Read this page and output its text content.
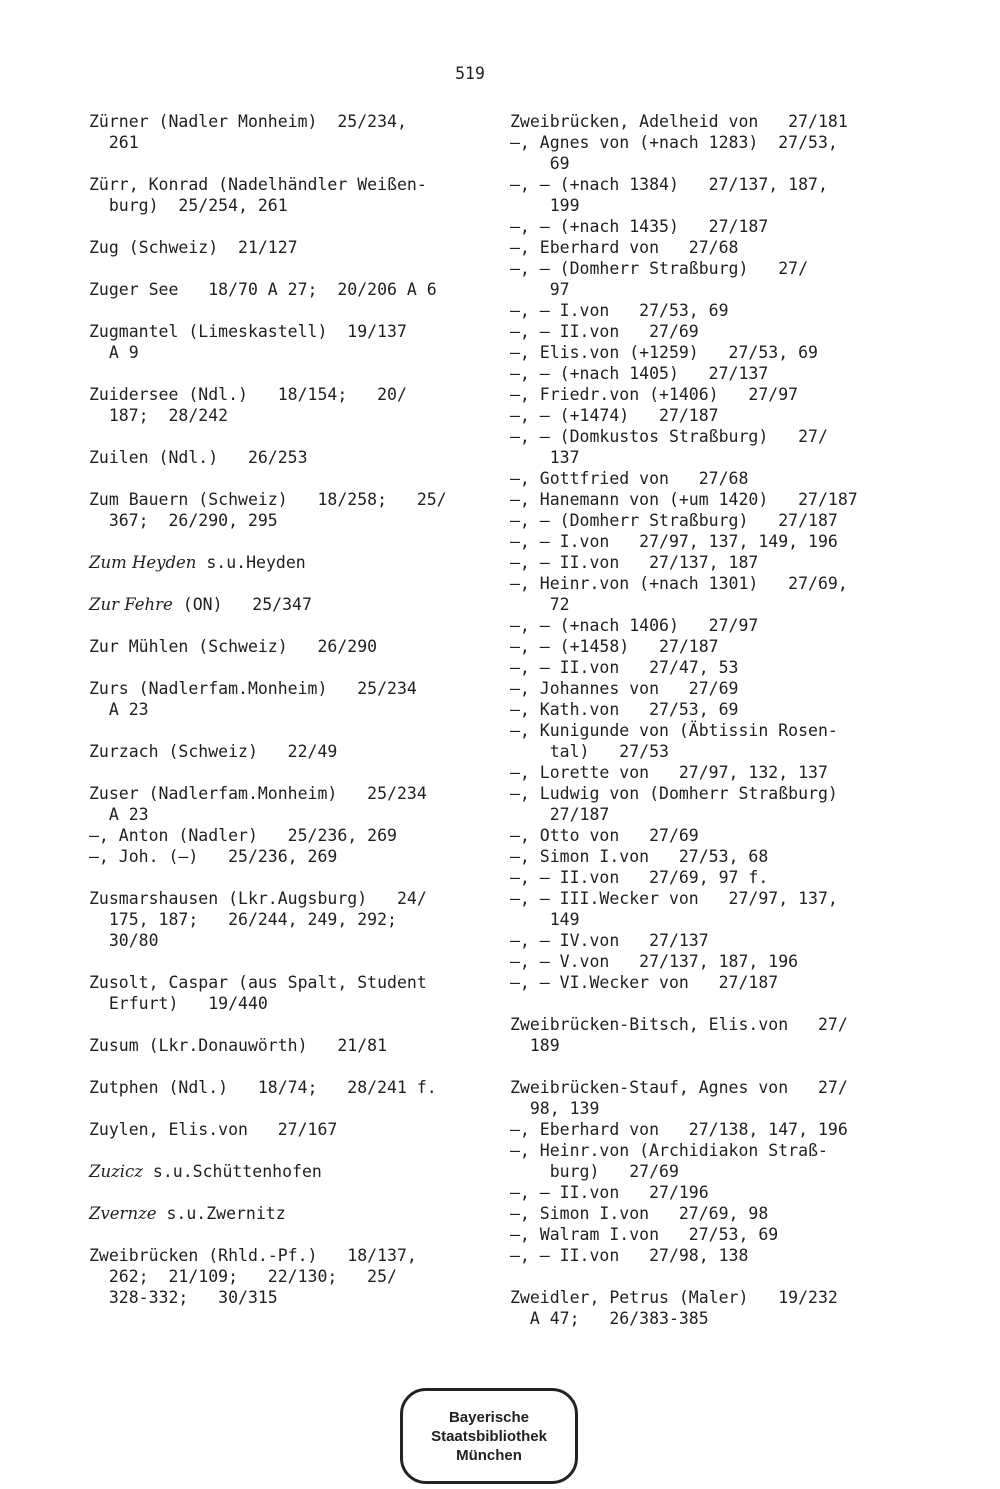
519
Zürner (Nadler Monheim)  25/234,
261
Zürr, Konrad (Nadelhändler Weißen-
burg)  25/254, 261
Zug (Schweiz)  21/127
Zuger See   18/70 A 27;  20/206 A 6
Zugmantel (Limeskastell)  19/137
A 9
Zuidersee (Ndl.)   18/154;   20/
187;  28/242
Zuilen (Ndl.)   26/253
Zum Bauern (Schweiz)   18/258;   25/
367;  26/290, 295
Zum Heyden s.u.Heyden
Zur Fehre (ON)   25/347
Zur Mühlen (Schweiz)   26/290
Zurs (Nadlerfam.Monheim)   25/234
A 23
Zurzach (Schweiz)   22/49
Zuser (Nadlerfam.Monheim)   25/234
A 23
—, Anton (Nadler)   25/236, 269
—, Joh. (—)   25/236, 269
Zusmarshausen (Lkr.Augsburg)   24/
175, 187;   26/244, 249, 292;
30/80
Zusolt, Caspar (aus Spalt, Student
Erfurt)   19/440
Zusum (Lkr.Donauwörth)   21/81
Zutphen (Ndl.)   18/74;   28/241 f.
Zuylen, Elis.von   27/167
Zuzicz s.u.Schüttenhofen
Zvernze s.u.Zwernitz
Zweibrücken (Rhld.-Pf.)   18/137,
262;  21/109;   22/130;   25/
328-332;   30/315
Zweibrücken, Adelheid von   27/181
—, Agnes von (+nach 1283)  27/53,
69
—, — (+nach 1384)   27/137, 187,
199
—, — (+nach 1435)   27/187
—, Eberhard von   27/68
—, — (Domherr Straßburg)   27/
97
—, — I.von   27/53, 69
—, — II.von   27/69
—, Elis.von (+1259)   27/53, 69
—, — (+nach 1405)   27/137
—, Friedr.von (+1406)   27/97
—, — (+1474)   27/187
—, — (Domkustos Straßburg)   27/
137
—, Gottfried von   27/68
—, Hanemann von (+um 1420)   27/187
—, — (Domherr Straßburg)   27/187
—, — I.von   27/97, 137, 149, 196
—, — II.von   27/137, 187
—, Heinr.von (+nach 1301)   27/69,
72
—, — (+nach 1406)   27/97
—, — (+1458)   27/187
—, — II.von   27/47, 53
—, Johannes von   27/69
—, Kath.von   27/53, 69
—, Kunigunde von (Äbtissin Rosen-
tal)   27/53
—, Lorette von   27/97, 132, 137
—, Ludwig von (Domherr Straßburg)
27/187
—, Otto von   27/69
—, Simon I.von   27/53, 68
—, — II.von   27/69, 97 f.
—, — III.Wecker von   27/97, 137,
149
—, — IV.von   27/137
—, — V.von   27/137, 187, 196
—, — VI.Wecker von   27/187
Zweibrücken-Bitsch, Elis.von   27/
189
Zweibrücken-Stauf, Agnes von   27/
98, 139
—, Eberhard von   27/138, 147, 196
—, Heinr.von (Archidiakon Straß-
burg)   27/69
—, — II.von   27/196
—, Simon I.von   27/69, 98
—, Walram I.von   27/53, 69
—, — II.von   27/98, 138
Zweidler, Petrus (Maler)   19/232
A 47;   26/383-385
Bayerische
Staatsbibliothek
München
